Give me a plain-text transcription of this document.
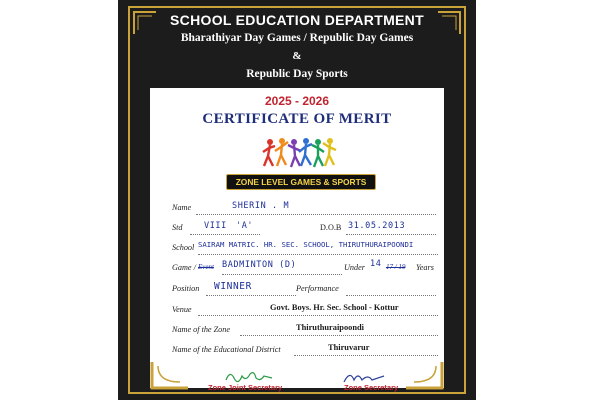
SCHOOL EDUCATION DEPARTMENT
Bharathiyar Day Games / Republic Day Games
&
Republic Day Sports
2025 - 2026
CERTIFICATE OF MERIT
ZONE LEVEL GAMES & SPORTS
Name	SHERIN . M
Std	VIII 'A'	D.O.B 31.05.2013
School SAIRAM MATRIC. HR. SEC. SCHOOL, THIRUTHURAIPOONDI
Game / Event BADMINTON (D)	Under 14 17 / 19 Years
Position WINNER	Performance
Venue	Govt. Boys. Hr. Sec. School - Kottur
Name of the Zone	Thiruthuraipoondi
Name of the Educational District	Thiruvarur
Zone Joint Secretary	Zone Secretary
